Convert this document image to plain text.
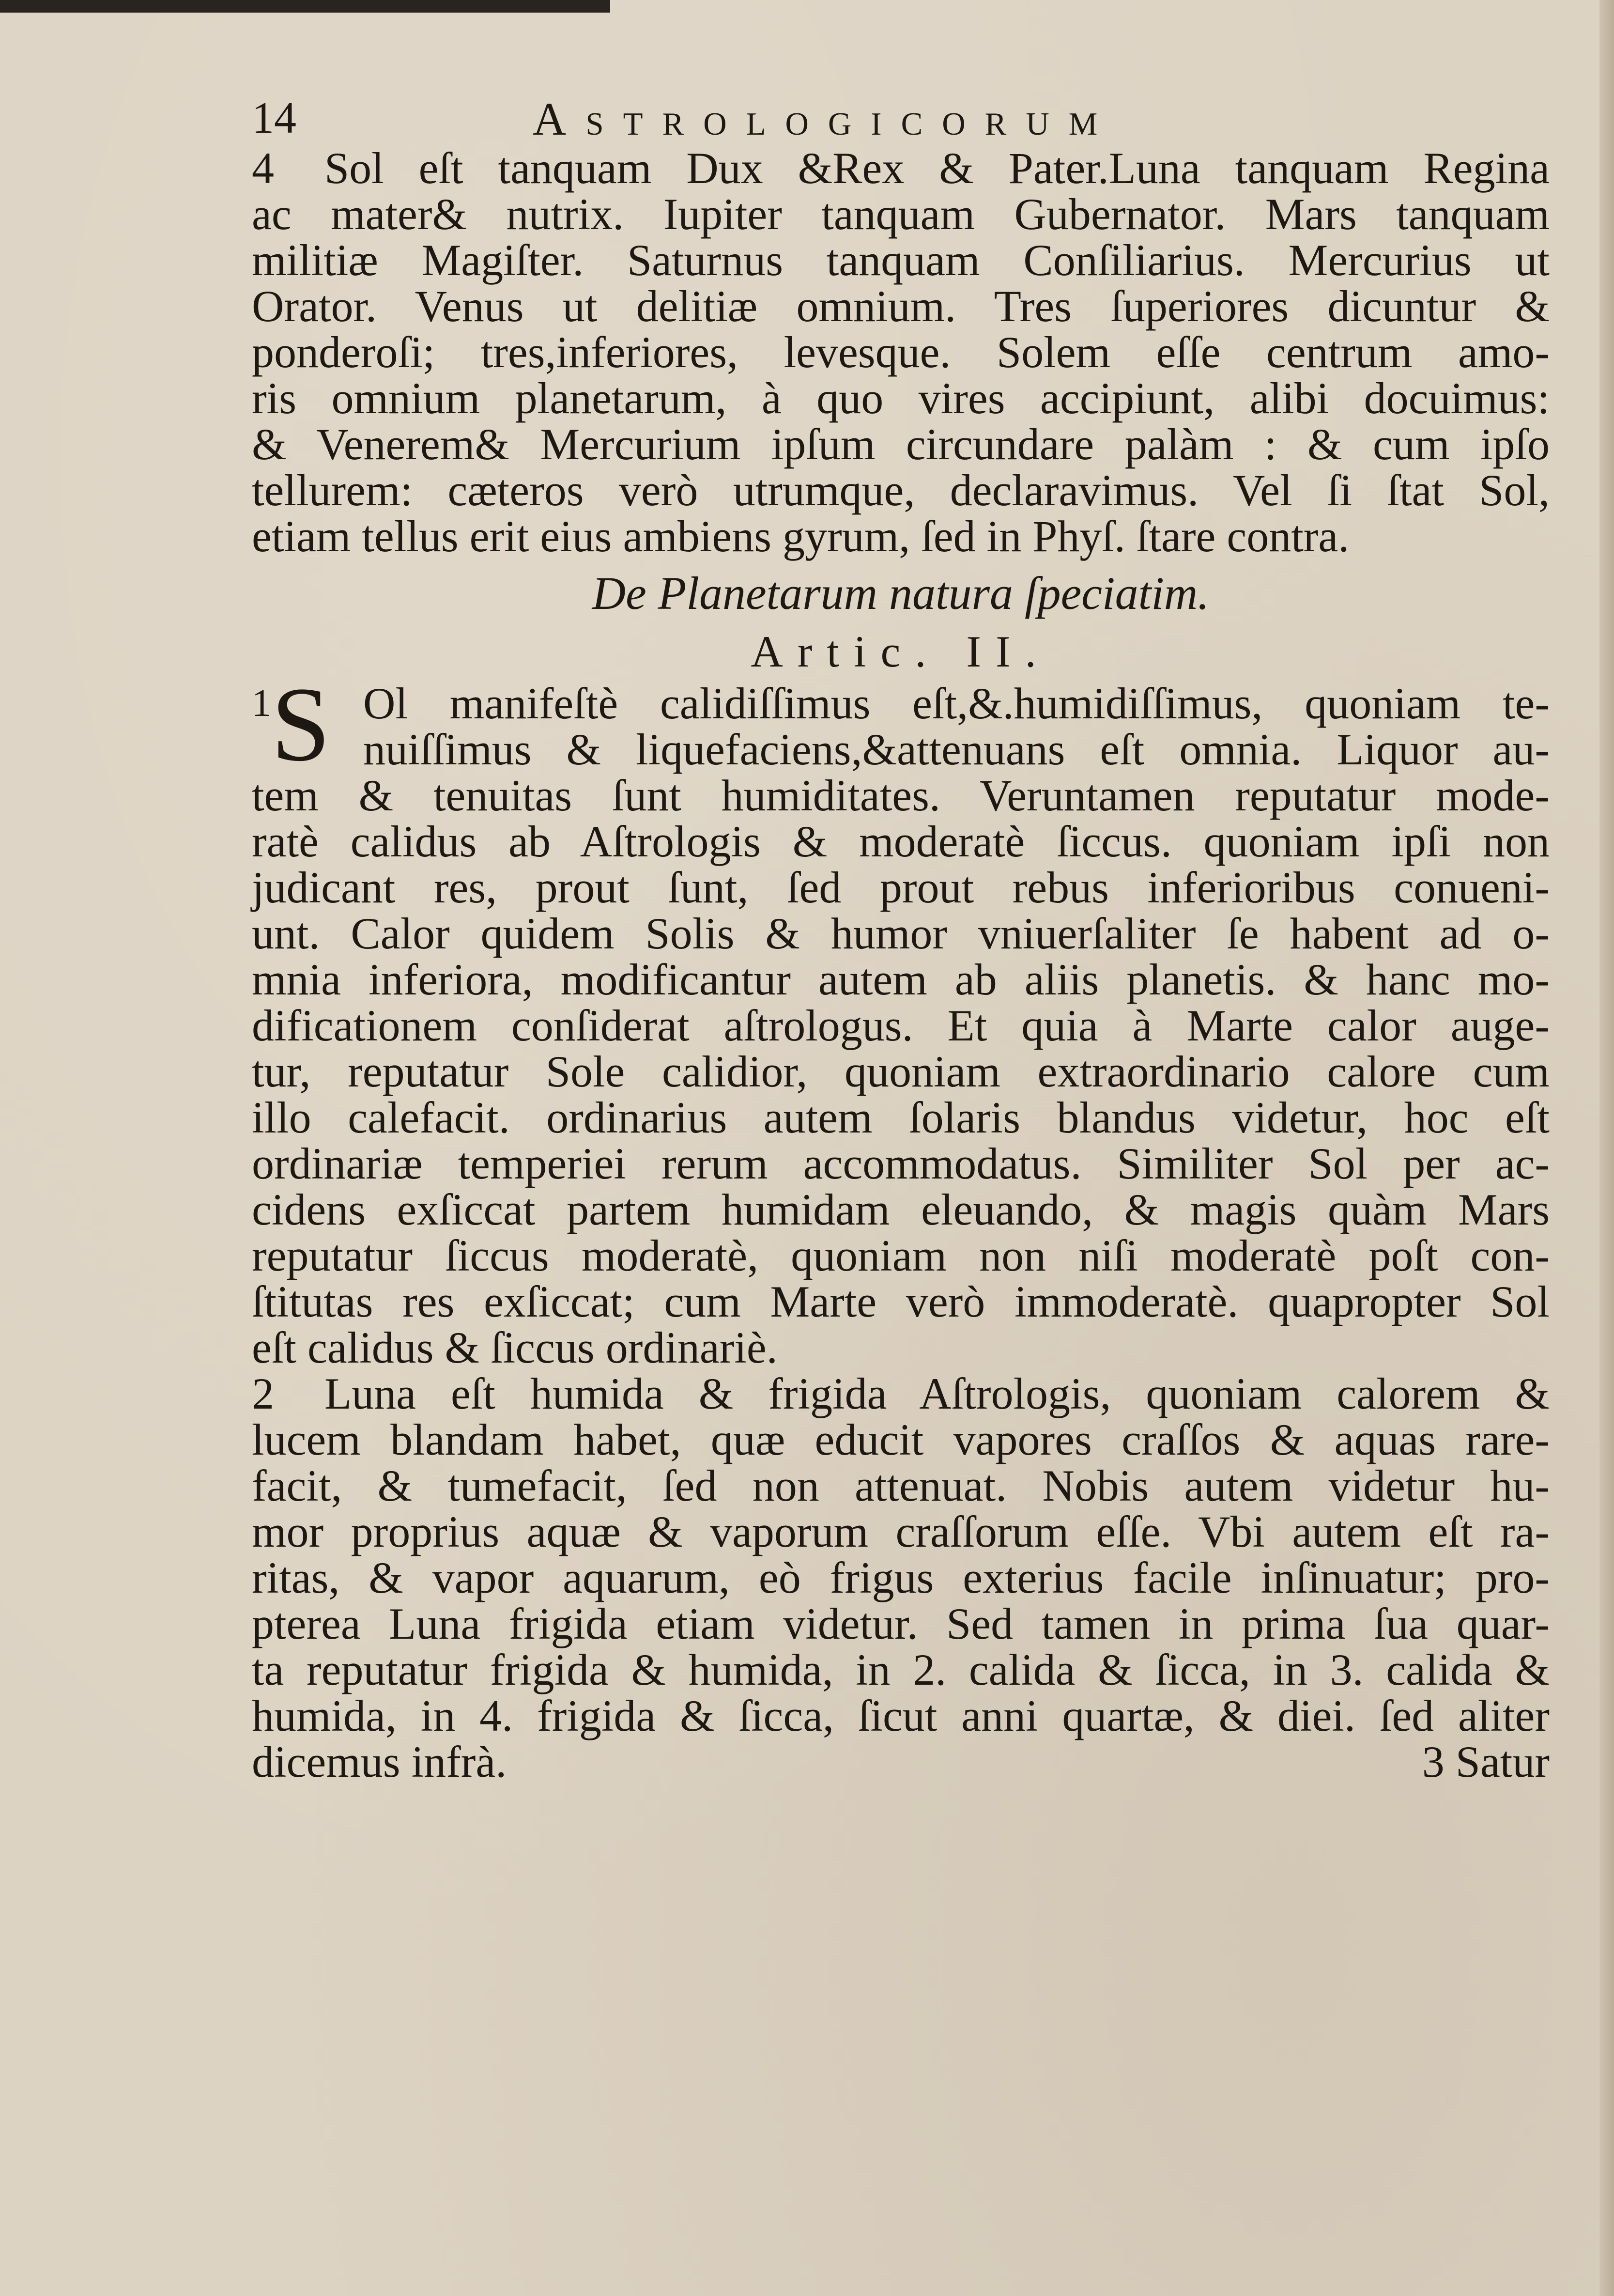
14	Astrologicorum
4 Sol eſt tanquam Dux &Rex & Pater.Luna tanquam Regina
ac mater& nutrix. Iupiter tanquam Gubernator. Mars tanquam
militiæ Magiſter. Saturnus tanquam Conſiliarius. Mercurius ut
Orator. Venus ut delitiæ omnium. Tres ſuperiores dicuntur &
ponderoſi; tres,inferiores, levesque. Solem eſſe centrum amo-
ris omnium planetarum, à quo vires accipiunt, alibi docuimus:
& Venerem& Mercurium ipſum circundare palàm : & cum ipſo
tellurem: cæteros verò utrumque, declaravimus. Vel ſi ſtat Sol,
etiam tellus erit eius ambiens gyrum, ſed in Phyſ. ſtare contra.
De Planetarum natura ſpeciatim.
Artic. II.
1 S Ol manifeſtè calidiſſimus eſt,&.humidiſſimus, quoniam te-
nuiſſimus & liquefaciens,&attenuans eſt omnia. Liquor au-
tem & tenuitas ſunt humiditates. Veruntamen reputatur mode-
ratè calidus ab Aſtrologis & moderatè ſiccus. quoniam ipſi non
judicant res, prout ſunt, ſed prout rebus inferioribus conueni-
unt. Calor quidem Solis & humor vniuerſaliter ſe habent ad o-
mnia inferiora, modificantur autem ab aliis planetis. & hanc mo-
dificationem conſiderat aſtrologus. Et quia à Marte calor auge-
tur, reputatur Sole calidior, quoniam extraordinario calore cum
illo calefacit. ordinarius autem ſolaris blandus videtur, hoc eſt
ordinariæ temperiei rerum accommodatus. Similiter Sol per ac-
cidens exſiccat partem humidam eleuando, & magis quàm Mars
reputatur ſiccus moderatè, quoniam non niſi moderatè poſt con-
ſtitutas res exſiccat; cum Marte verò immoderatè. quapropter Sol
eſt calidus & ſiccus ordinariè.
2 Luna eſt humida & frigida Aſtrologis, quoniam calorem &
lucem blandam habet, quæ educit vapores craſſos & aquas rare-
facit, & tumefacit, ſed non attenuat. Nobis autem videtur hu-
mor proprius aquæ & vaporum craſſorum eſſe. Vbi autem eſt ra-
ritas, & vapor aquarum, eò frigus exterius facile inſinuatur; pro-
pterea Luna frigida etiam videtur. Sed tamen in prima ſua quar-
ta reputatur frigida & humida, in 2. calida & ſicca, in 3. calida &
humida, in 4. frigida & ſicca, ſicut anni quartæ, & diei. ſed aliter
dicemus infrà.	3 Satur
